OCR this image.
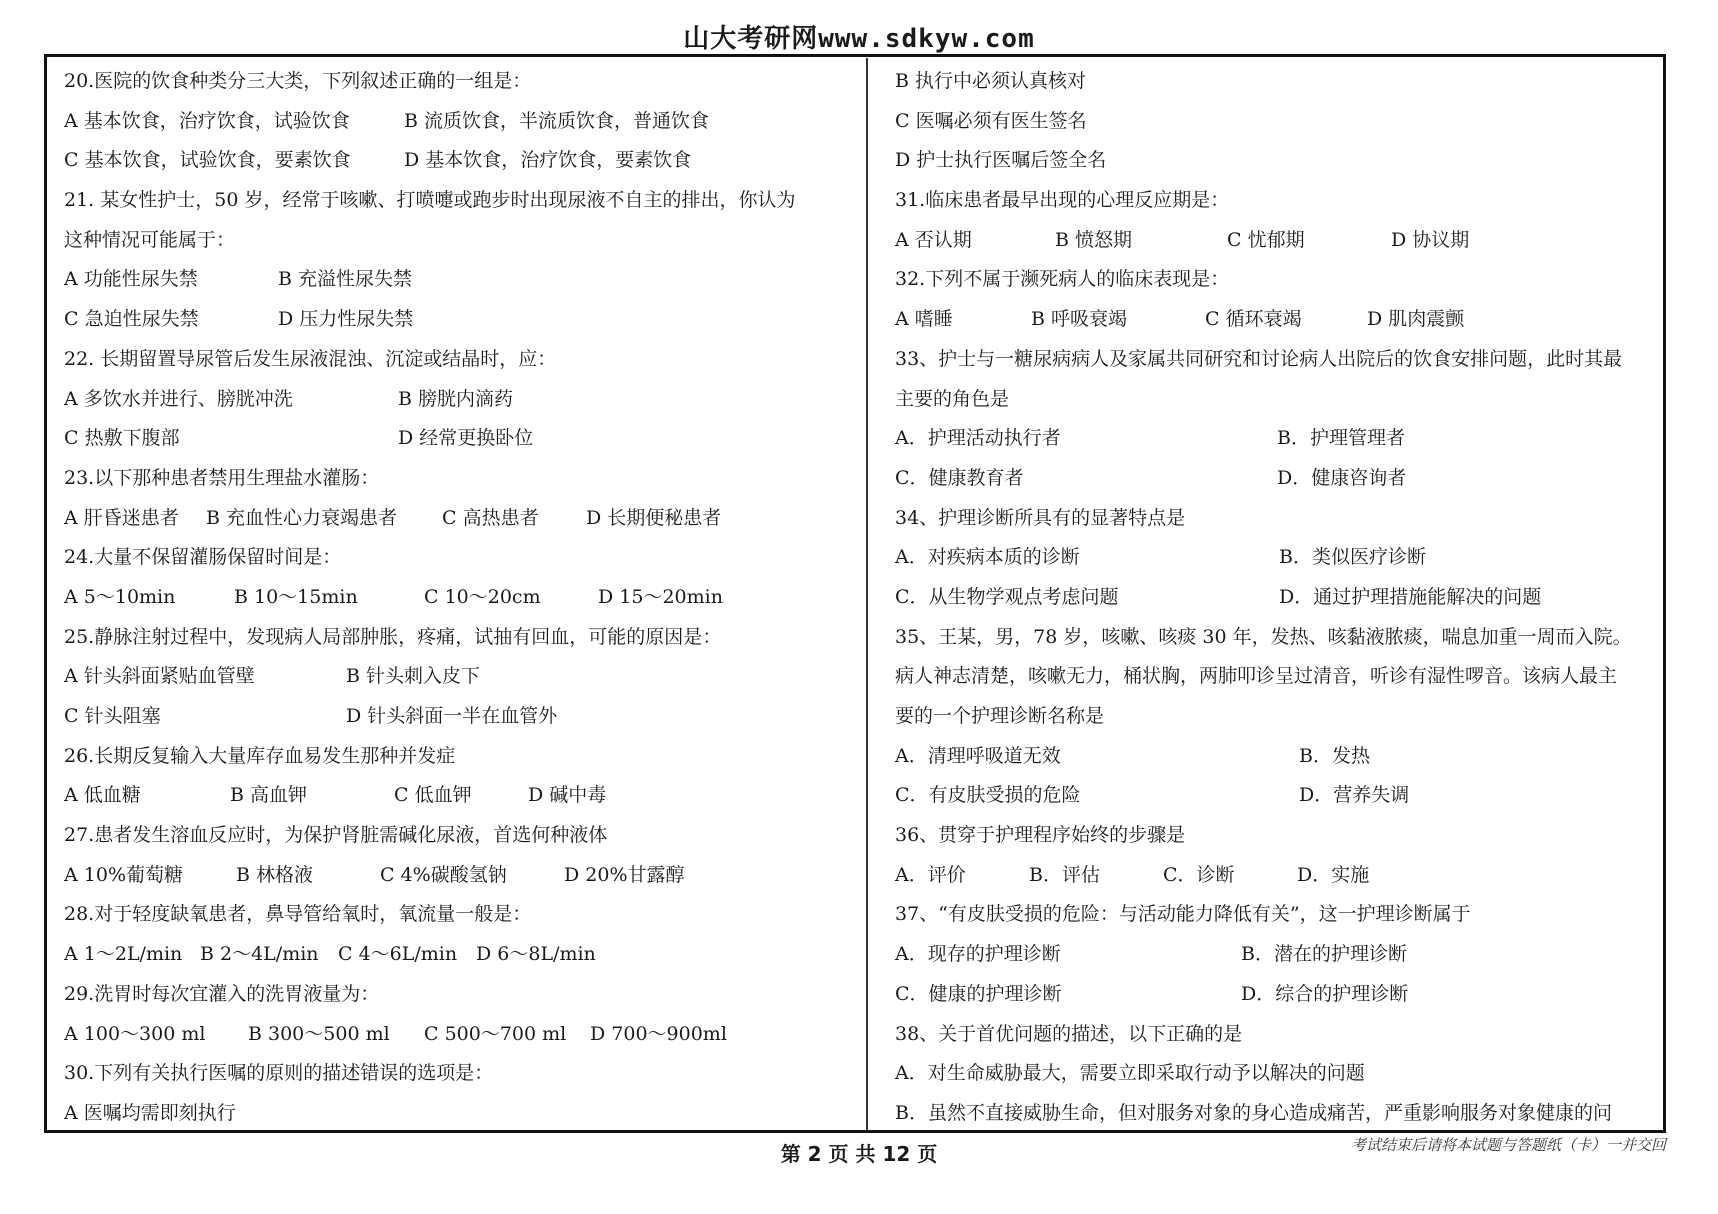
山大考研网www.sdkyw.com
20.医院的饮食种类分三大类，下列叙述正确的一组是：
A 基本饮食，治疗饮食，试验饮食	B 流质饮食，半流质饮食，普通饮食
C 基本饮食，试验饮食，要素饮食	D 基本饮食，治疗饮食，要素饮食
21. 某女性护士，50 岁，经常于咳嗽、打喷嚏或跑步时出现尿液不自主的排出，你认为
这种情况可能属于：
A 功能性尿失禁	B 充溢性尿失禁
C 急迫性尿失禁	D 压力性尿失禁
22. 长期留置导尿管后发生尿液混浊、沉淀或结晶时，应：
A 多饮水并进行、膀胱冲洗	B 膀胱内滴药
C 热敷下腹部	D 经常更换卧位
23.以下那种患者禁用生理盐水灌肠：
A 肝昏迷患者	B 充血性心力衰竭患者	C 高热患者	D 长期便秘患者
24.大量不保留灌肠保留时间是：
A 5～10min	B 10～15min	C 10～20cm	D 15～20min
25.静脉注射过程中，发现病人局部肿胀，疼痛，试抽有回血，可能的原因是：
A 针头斜面紧贴血管壁	B 针头刺入皮下
C 针头阻塞	D 针头斜面一半在血管外
26.长期反复输入大量库存血易发生那种并发症
A 低血糖	B 高血钾	C 低血钾	D 碱中毒
27.患者发生溶血反应时，为保护肾脏需碱化尿液，首选何种液体
A 10%葡萄糖	B 林格液	C 4%碳酸氢钠	D 20%甘露醇
28.对于轻度缺氧患者，鼻导管给氧时，氧流量一般是：
A 1～2L/min B 2～4L/min	C 4～6L/min D 6～8L/min
29.洗胃时每次宜灌入的洗胃液量为：
A 100～300 ml	B 300～500 ml	C 500～700 ml	D 700～900ml
30.下列有关执行医嘱的原则的描述错误的选项是：
A 医嘱均需即刻执行
B 执行中必须认真核对
C 医嘱必须有医生签名
D 护士执行医嘱后签全名
31.临床患者最早出现的心理反应期是：
A 否认期	B 愤怒期	C 忧郁期	D 协议期
32.下列不属于濒死病人的临床表现是：
A 嗜睡	B 呼吸衰竭	C 循环衰竭	D 肌肉震颤
33、护士与一糖尿病病人及家属共同研究和讨论病人出院后的饮食安排问题，此时其最
主要的角色是
A．护理活动执行者	B．护理管理者
C．健康教育者	D．健康咨询者
34、护理诊断所具有的显著特点是
A．对疾病本质的诊断	B．类似医疗诊断
C．从生物学观点考虑问题	D．通过护理措施能解决的问题
35、王某，男，78 岁，咳嗽、咳痰 30 年，发热、咳黏液脓痰，喘息加重一周而入院。
病人神志清楚，咳嗽无力，桶状胸，两肺叩诊呈过清音，听诊有湿性啰音。该病人最主
要的一个护理诊断名称是
A．清理呼吸道无效	B．发热
C．有皮肤受损的危险	D．营养失调
36、贯穿于护理程序始终的步骤是
A．评价	B．评估	C．诊断	D．实施
37、“有皮肤受损的危险：与活动能力降低有关”，这一护理诊断属于
A．现存的护理诊断	B．潜在的护理诊断
C．健康的护理诊断	D．综合的护理诊断
38、关于首优问题的描述，以下正确的是
A．对生命威胁最大，需要立即采取行动予以解决的问题
B．虽然不直接威胁生命，但对服务对象的身心造成痛苦，严重影响服务对象健康的问
第 2 页 共 12 页	考试结束后请将本试题与答题纸（卡）一并交回
